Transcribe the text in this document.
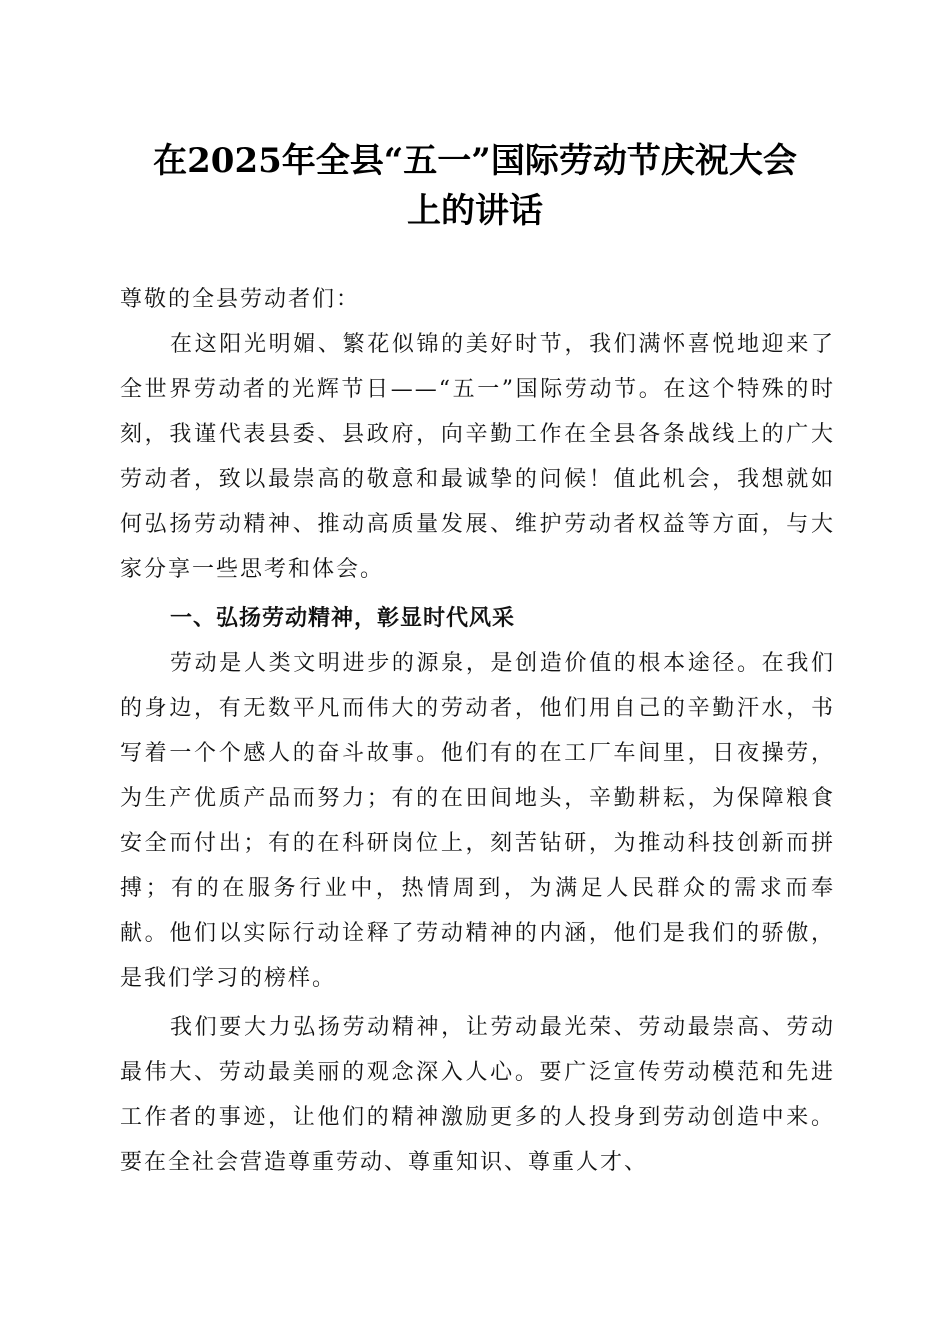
在2025年全县“五一”国际劳动节庆祝大会
上的讲话

尊敬的全县劳动者们：

在这阳光明媚、繁花似锦的美好时节，我们满怀喜悦地迎来了全世界劳动者的光辉节日——“五一”国际劳动节。在这个特殊的时刻，我谨代表县委、县政府，向辛勤工作在全县各条战线上的广大劳动者，致以最崇高的敬意和最诚挚的问候！值此机会，我想就如何弘扬劳动精神、推动高质量发展、维护劳动者权益等方面，与大家分享一些思考和体会。

一、弘扬劳动精神，彰显时代风采

劳动是人类文明进步的源泉，是创造价值的根本途径。在我们的身边，有无数平凡而伟大的劳动者，他们用自己的辛勤汗水，书写着一个个感人的奋斗故事。他们有的在工厂车间里，日夜操劳，为生产优质产品而努力；有的在田间地头，辛勤耕耘，为保障粮食安全而付出；有的在科研岗位上，刻苦钻研，为推动科技创新而拼搏；有的在服务行业中，热情周到，为满足人民群众的需求而奉献。他们以实际行动诠释了劳动精神的内涵，他们是我们的骄傲，是我们学习的榜样。

我们要大力弘扬劳动精神，让劳动最光荣、劳动最崇高、劳动最伟大、劳动最美丽的观念深入人心。要广泛宣传劳动模范和先进工作者的事迹，让他们的精神激励更多的人投身到劳动创造中来。要在全社会营造尊重劳动、尊重知识、尊重人才、
